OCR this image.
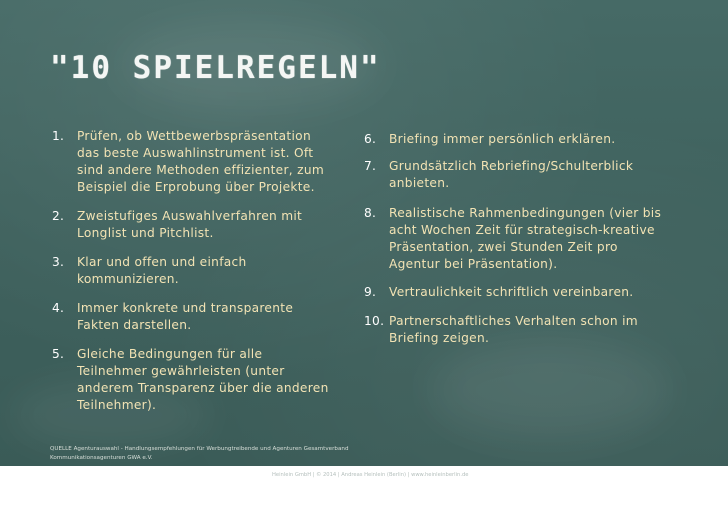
"10 SPIELREGELN"
1. Prüfen, ob Wettbewerbspräsentation das beste Auswahlinstrument ist. Oft sind andere Methoden effizienter, zum Beispiel die Erprobung über Projekte.
2. Zweistufiges Auswahlverfahren mit Longlist und Pitchlist.
3. Klar und offen und einfach kommunizieren.
4. Immer konkrete und transparente Fakten darstellen.
5. Gleiche Bedingungen für alle Teilnehmer gewährleisten (unter anderem Transparenz über die anderen Teilnehmer).
6. Briefing immer persönlich erklären.
7. Grundsätzlich Rebriefing/Schulterblick anbieten.
8. Realistische Rahmenbedingungen (vier bis acht Wochen Zeit für strategisch-kreative Präsentation, zwei Stunden Zeit pro Agentur bei Präsentation).
9. Vertraulichkeit schriftlich vereinbaren.
10. Partnerschaftliches Verhalten schon im Briefing zeigen.

QUELLE Agenturauswahl - Handlungsempfehlungen für Werbungtreibende und Agenturen Gesamtverband Kommunikationsagenturen GWA e.V.

Heinlein GmbH | © 2014 | Andreas Heinlein (Berlin) | www.heinleinberlin.de
